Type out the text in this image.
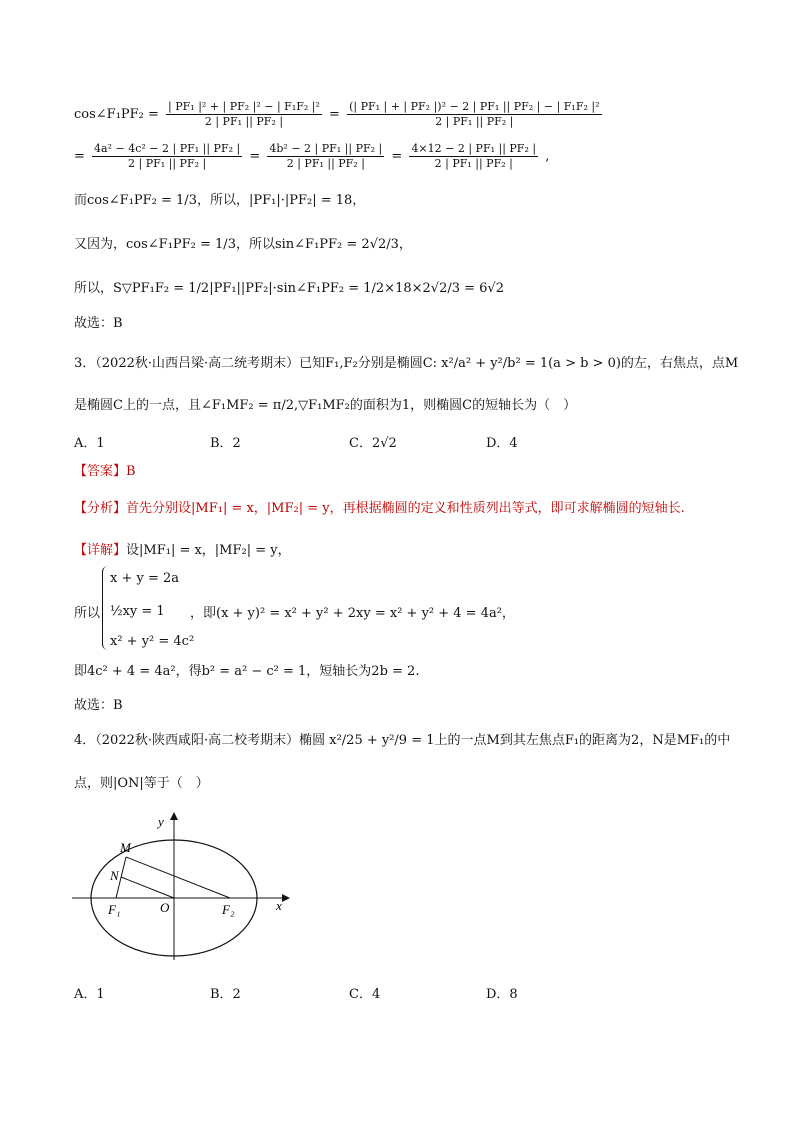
cos∠F₁PF₂ = $\frac{\text{| PF₁ |² + | PF₂ |² − | F₁F₂ |²}}{\text{2 | PF₁ || PF₂ |}} = \frac{\text{(| PF₁ | + | PF₂ |)² − 2 | PF₁ || PF₂ | − | F₁F₂ |²}}{\text{2 | PF₁ || PF₂ |}}$
= $\frac{\text{4a² − 4c² − 2 | PF₁ || PF₂ |}}{\text{2 | PF₁ || PF₂ |}} = \frac{\text{4b² − 2 | PF₁ || PF₂ |}}{\text{2 | PF₁ || PF₂ |}} = \frac{\text{4×12 − 2 | PF₁ || PF₂ |}}{\text{2 | PF₁ || PF₂ |}}$ ,
而cos∠F₁PF₂ = 1/3，所以，|PF₁|·|PF₂| = 18，
又因为，cos∠F₁PF₂ = 1/3，所以sin∠F₁PF₂ = 2√2/3，
所以，S▽PF₁F₂ = 1/2|PF₁||PF₂|·sin∠F₁PF₂ = 1/2×18×2√2/3 = 6√2
故选：B
3．（2022秋·山西吕梁·高二统考期末）已知F₁,F₂分别是椭圆C: x²/a² + y²/b² = 1(a > b > 0)的左，右焦点，点M
是椭圆C上的一点，且∠F₁MF₂ = π/2,▽F₁MF₂的面积为1，则椭圆C的短轴长为（　）
A．1	B．2	C．2√2	D．4
【答案】B
【分析】首先分别设|MF₁| = x，|MF₂| = y，再根据椭圆的定义和性质列出等式，即可求解椭圆的短轴长.
【详解】设|MF₁| = x，|MF₂| = y，
所以
x + y = 2a
½xy = 1
x² + y² = 4c²
，即(x + y)² = x² + y² + 2xy = x² + y² + 4 = 4a²，
即4c² + 4 = 4a²，得b² = a² − c² = 1，短轴长为2b = 2.
故选：B
4．（2022秋·陕西咸阳·高二校考期末）椭圆 x²/25 + y²/9 = 1上的一点M到其左焦点F₁的距离为2，N是MF₁的中
点，则|ON|等于（　）
y
x
M
N
F₁	O	F₂
A．1	B．2	C．4	D．8
